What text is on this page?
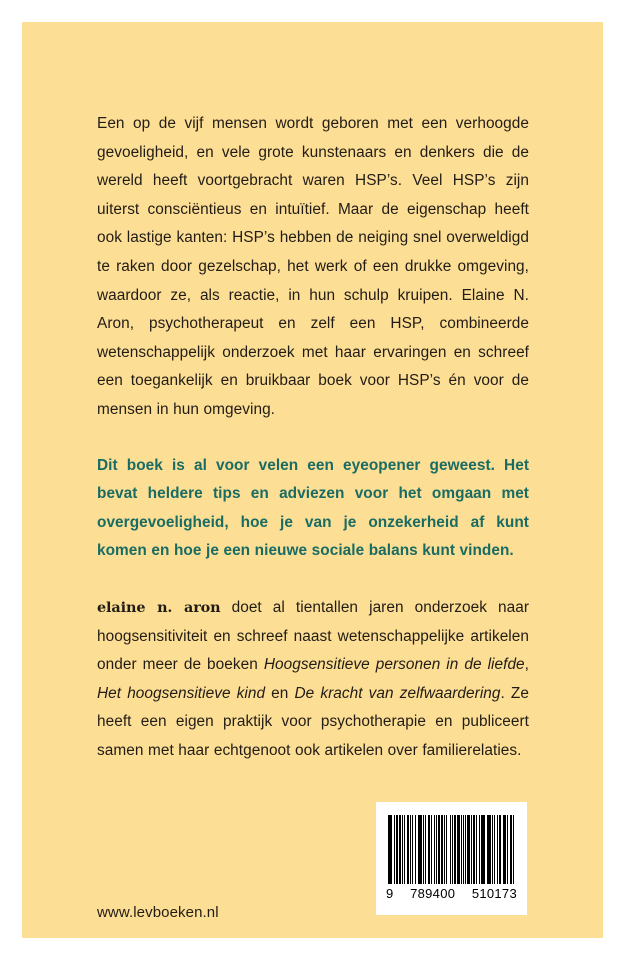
Een op de vijf mensen wordt geboren met een verhoogde gevoeligheid, en vele grote kunstenaars en denkers die de wereld heeft voortgebracht waren HSP’s. Veel HSP’s zijn uiterst consciëntieus en intuïtief. Maar de eigenschap heeft ook lastige kanten: HSP’s hebben de neiging snel overweldigd te raken door gezelschap, het werk of een drukke omgeving, waardoor ze, als reactie, in hun schulp kruipen. Elaine N. Aron, psychotherapeut en zelf een HSP, combineerde wetenschappelijk onderzoek met haar ervaringen en schreef een toegankelijk en bruikbaar boek voor HSP’s én voor de mensen in hun omgeving.

Dit boek is al voor velen een eyeopener geweest. Het bevat heldere tips en adviezen voor het omgaan met overgevoeligheid, hoe je van je onzekerheid af kunt komen en hoe je een nieuwe sociale balans kunt vinden.

elaine n. aron doet al tientallen jaren onderzoek naar hoogsensitiviteit en schreef naast wetenschappelijke artikelen onder meer de boeken Hoogsensitieve personen in de liefde, Het hoogsensitieve kind en De kracht van zelfwaardering. Ze heeft een eigen praktijk voor psychotherapie en publiceert samen met haar echtgenoot ook artikelen over familierelaties.

9 789400 510173
www.levboeken.nl
